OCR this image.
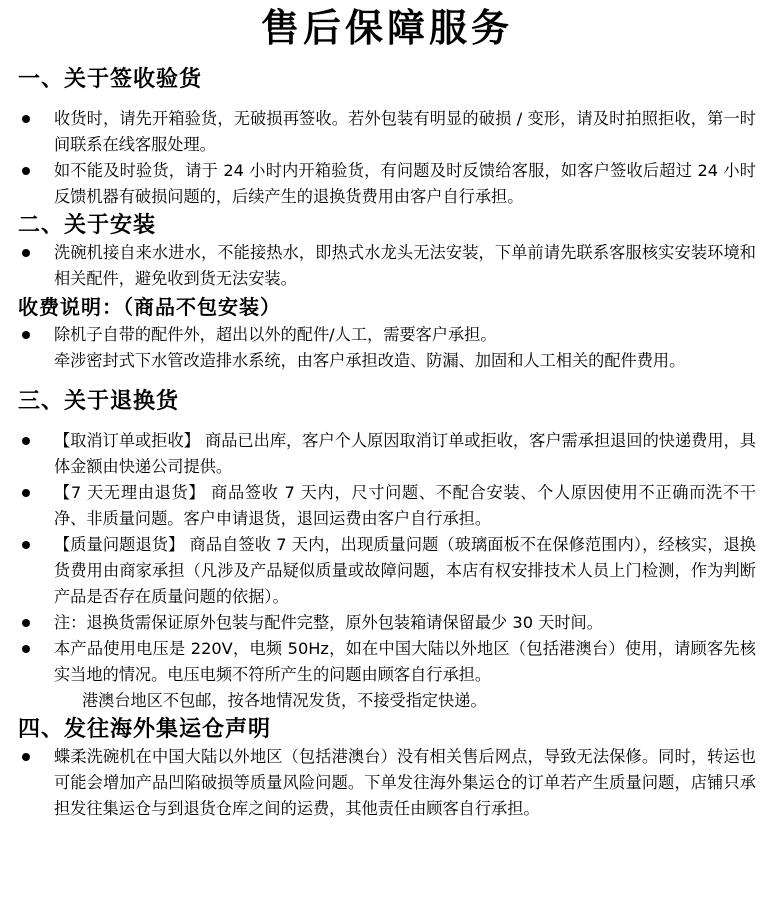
售后保障服务
一、关于签收验货
收货时，请先开箱验货，无破损再签收。若外包装有明显的破损 / 变形，请及时拍照拒收，第一时间联系在线客服处理。
如不能及时验货，请于 24 小时内开箱验货，有问题及时反馈给客服，如客户签收后超过 24 小时反馈机器有破损问题的，后续产生的退换货费用由客户自行承担。
二、关于安装
洗碗机接自来水进水，不能接热水，即热式水龙头无法安装，下单前请先联系客服核实安装环境和相关配件，避免收到货无法安装。
收费说明：（商品不包安装）
除机子自带的配件外，超出以外的配件/人工，需要客户承担。
牵涉密封式下水管改造排水系统，由客户承担改造、防漏、加固和人工相关的配件费用。
三、关于退换货
【取消订单或拒收】 商品已出库，客户个人原因取消订单或拒收，客户需承担退回的快递费用，具体金额由快递公司提供。
【7 天无理由退货】 商品签收 7 天内，尺寸问题、不配合安装、个人原因使用不正确而洗不干净、非质量问题。客户申请退货，退回运费由客户自行承担。
【质量问题退货】 商品自签收 7 天内，出现质量问题（玻璃面板不在保修范围内），经核实，退换货费用由商家承担（凡涉及产品疑似质量或故障问题，本店有权安排技术人员上门检测，作为判断产品是否存在质量问题的依据）。
注：退换货需保证原外包装与配件完整，原外包装箱请保留最少 30 天时间。
本产品使用电压是 220V，电频 50Hz，如在中国大陆以外地区（包括港澳台）使用，请顾客先核实当地的情况。电压电频不符所产生的问题由顾客自行承担。
港澳台地区不包邮，按各地情况发货，不接受指定快递。
四、发往海外集运仓声明
蝶柔洗碗机在中国大陆以外地区（包括港澳台）没有相关售后网点，导致无法保修。同时，转运也可能会增加产品凹陷破损等质量风险问题。下单发往海外集运仓的订单若产生质量问题，店铺只承担发往集运仓与到退货仓库之间的运费，其他责任由顾客自行承担。
